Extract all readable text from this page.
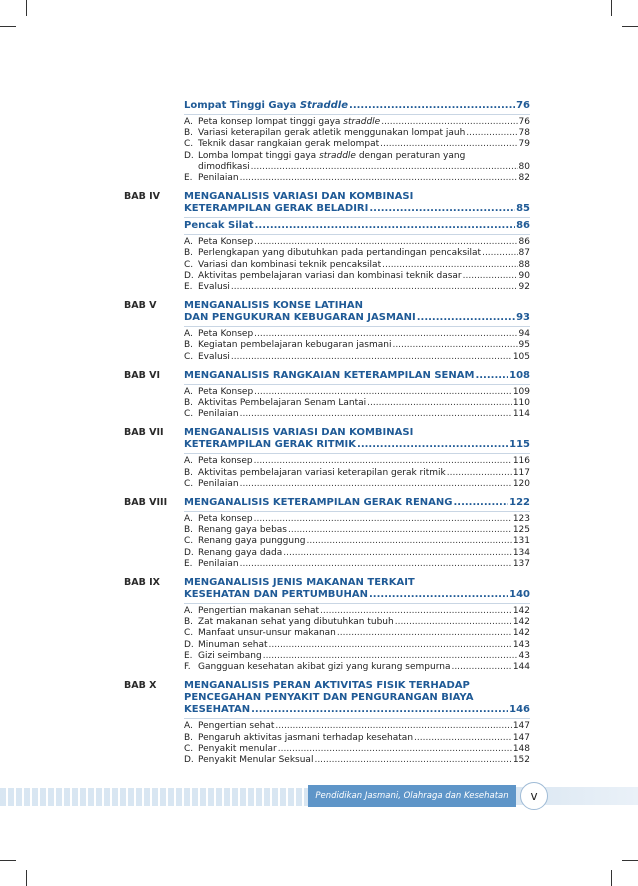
Lompat Tinggi Gaya Straddle .....	76
A. Peta konsep lompat tinggi gaya straddle .....	76
B. Variasi keterapilan gerak atletik menggunakan lompat jauh .....	78
C. Teknik dasar rangkaian gerak melompat .....	79
D. Lomba lompat tinggi gaya straddle dengan peraturan yang
dimodfikasi .....	80
E. Penilaian .....	82
BAB IV	MENGANALISIS VARIASI DAN KOMBINASI
KETERAMPILAN GERAK BELADIRI .....	85
Pencak Silat .....	86
A. Peta Konsep .....	86
B. Perlengkapan yang dibutuhkan pada pertandingan pencaksilat .....	87
C. Variasi dan kombinasi teknik pencaksilat .....	88
D. Aktivitas pembelajaran variasi dan kombinasi teknik dasar .....	90
E. Evalusi .....	92
BAB V	MENGANALISIS KONSE LATIHAN
DAN PENGUKURAN KEBUGARAN JASMANI .....	93
A. Peta Konsep .....	94
B. Kegiatan pembelajaran kebugaran jasmani .....	95
C. Evalusi .....	105
BAB VI	MENGANALISIS RANGKAIAN KETERAMPILAN SENAM .....	108
A. Peta Konsep .....	109
B. Aktivitas Pembelajaran Senam Lantai .....	110
C. Penilaian .....	114
BAB VII	MENGANALISIS VARIASI DAN KOMBINASI
KETERAMPILAN GERAK RITMIK .....	115
A. Peta konsep .....	116
B. Aktivitas pembelajaran variasi keterapilan gerak ritmik .....	117
C. Penilaian .....	120
BAB VIII	MENGANALISIS KETERAMPILAN GERAK RENANG .....	122
A. Peta konsep .....	123
B. Renang gaya bebas .....	125
C. Renang gaya punggung .....	131
D. Renang gaya dada .....	134
E. Penilaian .....	137
BAB IX	MENGANALISIS JENIS MAKANAN TERKAIT
KESEHATAN DAN PERTUMBUHAN .....	140
A. Pengertian makanan sehat .....	142
B. Zat makanan sehat yang dibutuhkan tubuh .....	142
C. Manfaat unsur-unsur makanan .....	142
D. Minuman sehat .....	143
E. Gizi seimbang .....	43
F. Gangguan kesehatan akibat gizi yang kurang sempurna .....	144
BAB X	MENGANALISIS PERAN AKTIVITAS FISIK TERHADAP
PENCEGAHAN PENYAKIT DAN PENGURANGAN BIAYA
KESEHATAN .....	146
A. Pengertian sehat .....	147
B. Pengaruh aktivitas jasmani terhadap kesehatan .....	147
C. Penyakit menular .....	148
D. Penyakit Menular Seksual .....	152
Pendidikan Jasmani, Olahraga dan Kesehatan	v
